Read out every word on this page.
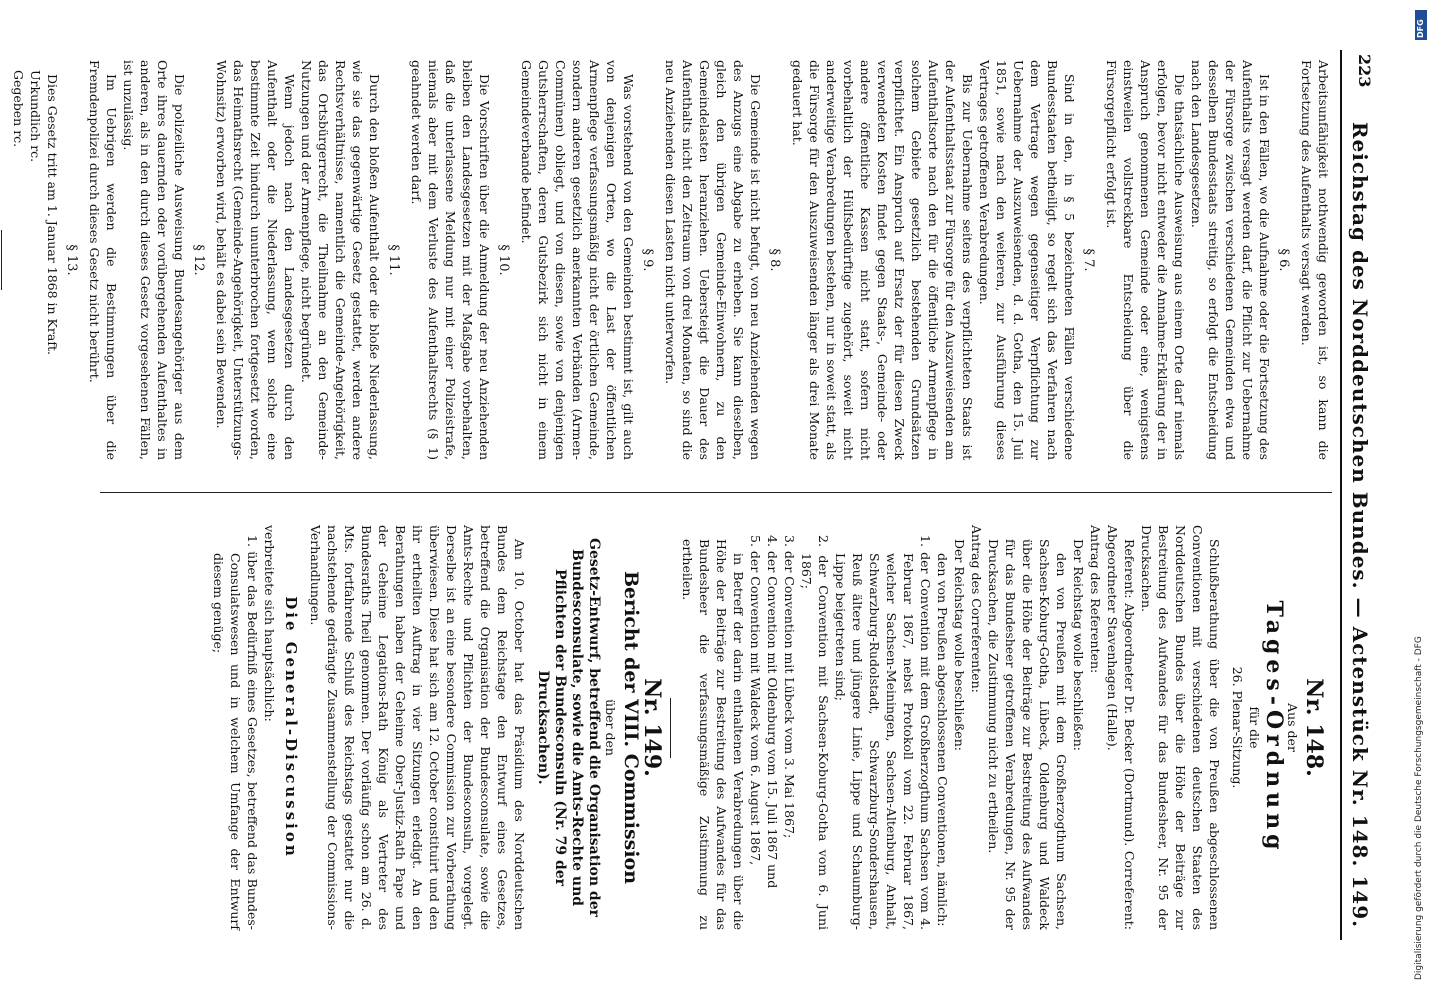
223
Reichstag des Norddeutschen Bundes. — Actenstück Nr. 148. 149.

Arbeitsunfähigkeit nothwendig geworden ist, so kann die Fortsetzung des Aufenthalts versagt werden.

§ 6.

Ist in den Fällen, wo die Aufnahme oder die Fortsetzung des Aufenthalts versagt werden darf, die Pflicht zur Uebernahme der Fürsorge zwischen verschiedenen Gemeinden etwa und desselben Bundesstaats streitig, so erfolgt die Entscheidung nach den Landesgesetzen.

Die thatsächliche Ausweisung aus einem Orte darf niemals erfolgen, bevor nicht entweder die Annahme-Erklärung der in Anspruch genommenen Gemeinde oder eine, wenigstens einstweilen vollstreckbare Entscheidung über die Fürsorgepflicht erfolgt ist.

§ 7.

Sind in den, in § 5 bezeichneten Fällen verschiedene Bundesstaaten betheiligt, so regelt sich das Verfahren nach dem Vertrage wegen gegenseitiger Verpflichtung zur Uebernahme der Auszuweisenden, d. d. Gotha, den 15. Juli 1851, sowie nach den weiteren, zur Ausführung dieses Vertrages getroffenen Verabredungen.

Bis zur Uebernahme seitens des verpflichteten Staats ist der Aufenthaltsstaat zur Fürsorge für den Auszuweisenden am Aufenthaltsorte nach den für die öffentliche Armenpflege in solchem Gebiete gesetzlich bestehenden Grundsätzen verpflichtet. Ein Anspruch auf Ersatz der für diesen Zweck verwendeten Kosten findet gegen Staats-, Gemeinde- oder andere öffentliche Kassen nicht statt, sofern nicht vorbehaltlich der Hülfsbedürftige zugehört, soweit nicht anderweitige Verabredungen bestehen, nur in soweit statt, als die Fürsorge für den Auszuweisenden länger als drei Monate gedauert hat.

§ 8.

Die Gemeinde ist nicht befugt, von neu Anziehenden wegen des Anzugs eine Abgabe zu erheben. Sie kann dieselben, gleich den übrigen Gemeinde-Einwohnern, zu den Gemeindelasten heranziehen. Uebersteigt die Dauer des Aufenthalts nicht den Zeitraum von drei Monaten, so sind die neu Anziehenden diesen Lasten nicht unterworfen.

§ 9.

Was vorstehend von den Gemeinden bestimmt ist, gilt auch von denjenigen Orten, wo die Last der öffentlichen Armenpflege verfassungsmäßig nicht der örtlichen Gemeinde, sondern anderen gesetzlich anerkannten Verbänden (Armen-Commünen) obliegt, und von diesen, sowie von denjenigen Gutsherrschaften, deren Gutsbezirk sich nicht in einem Gemeindeverbande befindet.

§ 10.

Die Vorschriften über die Anmeldung der neu Anziehenden bleiben den Landesgesetzen mit der Maßgabe vorbehalten, daß die unterlassene Meldung nur mit einer Polizeistrafe, niemals aber mit dem Verluste des Aufenthaltsrechts (§ 1) geahndet werden darf.

§ 11.

Durch den bloßen Aufenthalt oder die bloße Niederlassung, wie sie das gegenwärtige Gesetz gestattet, werden andere Rechtsverhältnisse, namentlich die Gemeinde-Angehörigkeit, das Ortsbürgerrecht, die Theilnahme an den Gemeinde-Nutzungen und der Armenpflege, nicht begründet.

Wenn jedoch nach den Landesgesetzen durch den Aufenthalt oder die Niederlassung, wenn solche eine bestimmte Zeit hindurch ununterbrochen fortgesetzt worden, das Heimathsrecht (Gemeinde-Angehörigkeit, Unterstützungs-Wohnsitz) erworben wird, behält es dabei sein Bewenden.

§ 12.

Die polizeiliche Ausweisung Bundesangehöriger aus dem Orte ihres dauernden oder vorübergehenden Aufenthaltes in anderen, als in den durch dieses Gesetz vorgesehenen Fällen, ist unzulässig.

Im Uebrigen werden die Bestimmungen über die Fremdenpolizei durch dieses Gesetz nicht berührt.

§ 13.

Dies Gesetz tritt am 1. Januar 1868 in Kraft.

Urkundlich rc.

Gegeben rc.

Nr. 148.
Aus der
Tages-Ordnung
für die
26. Plenar-Sitzung.

Schlußberathung über die von Preußen abgeschlossenen Conventionen mit verschiedenen deutschen Staaten des Norddeutschen Bundes über die Höhe der Beiträge zur Bestreitung des Aufwandes für das Bundesheer, Nr. 95 der Drucksachen.

Referent: Abgeordneter Dr. Becker (Dortmund). Correferent: Abgeordneter Stavenhagen (Halle).

Antrag des Referenten:

Der Reichstag wolle beschließen:

den von Preußen mit dem Großherzogthum Sachsen, Sachsen-Koburg-Gotha, Lübeck, Oldenburg und Waldeck über die Höhe der Beiträge zur Bestreitung des Aufwandes für das Bundesheer getroffenen Verabredungen, Nr. 95 der Drucksachen, die Zustimmung nicht zu ertheilen.

Antrag des Correferenten:

Der Reichstag wolle beschließen:

den von Preußen abgeschlossenen Conventionen, nämlich:

1. der Convention mit dem Großherzogthum Sachsen vom 4. Februar 1867, nebst Protokoll vom 22. Februar 1867, welcher Sachsen-Meiningen, Sachsen-Altenburg, Anhalt, Schwarzburg-Rudolstadt, Schwarzburg-Sondershausen, Reuß ältere und jüngere Linie, Lippe und Schaumburg-Lippe beigetreten sind;

2. der Convention mit Sachsen-Koburg-Gotha vom 6. Juni 1867;

3. der Convention mit Lübeck vom 3. Mai 1867;

4. der Convention mit Oldenburg vom 15. Juli 1867 und

5. der Convention mit Waldeck vom 6. August 1867,

in Betreff der darin enthaltenen Verabredungen über die Höhe der Beiträge zur Bestreitung des Aufwandes für das Bundesheer die verfassungsmäßige Zustimmung zu ertheilen.

Nr. 149.
Bericht der VIII. Commission
über den

Gesetz-Entwurf, betreffend die Organisation der Bundesconsulate, sowie die Amts-Rechte und Pflichten der Bundesconsuln (Nr. 79 der Drucksachen).

Am 10. October hat das Präsidium des Norddeutschen Bundes dem Reichstage den Entwurf eines Gesetzes, betreffend die Organisation der Bundesconsulate, sowie die Amts-Rechte und Pflichten der Bundesconsuln, vorgelegt. Derselbe ist an eine besondere Commission zur Vorberathung überwiesen. Diese hat sich am 12. October constituirt und den ihr ertheilten Auftrag in vier Sitzungen erledigt. An den Berathungen haben der Geheime Ober-Justiz-Rath Pape und der Geheime Legations-Rath König als Vertreter des Bundesraths Theil genommen. Der vorläufig schon am 26. d. Mts. fortfahrende Schluß des Reichstags gestattet nur die nachstehende gedrängte Zusammenstellung der Commissions-Verhandlungen.

Die General-Discussion

verbreitete sich hauptsächlich:

1. über das Bedürfniß eines Gesetzes, betreffend das Bundes-Consulatswesen und in welchem Umfange der Entwurf diesem genüge;

Digitalisierung gefördert durch die Deutsche Forschungsgemeinschaft - DFG
DFG
